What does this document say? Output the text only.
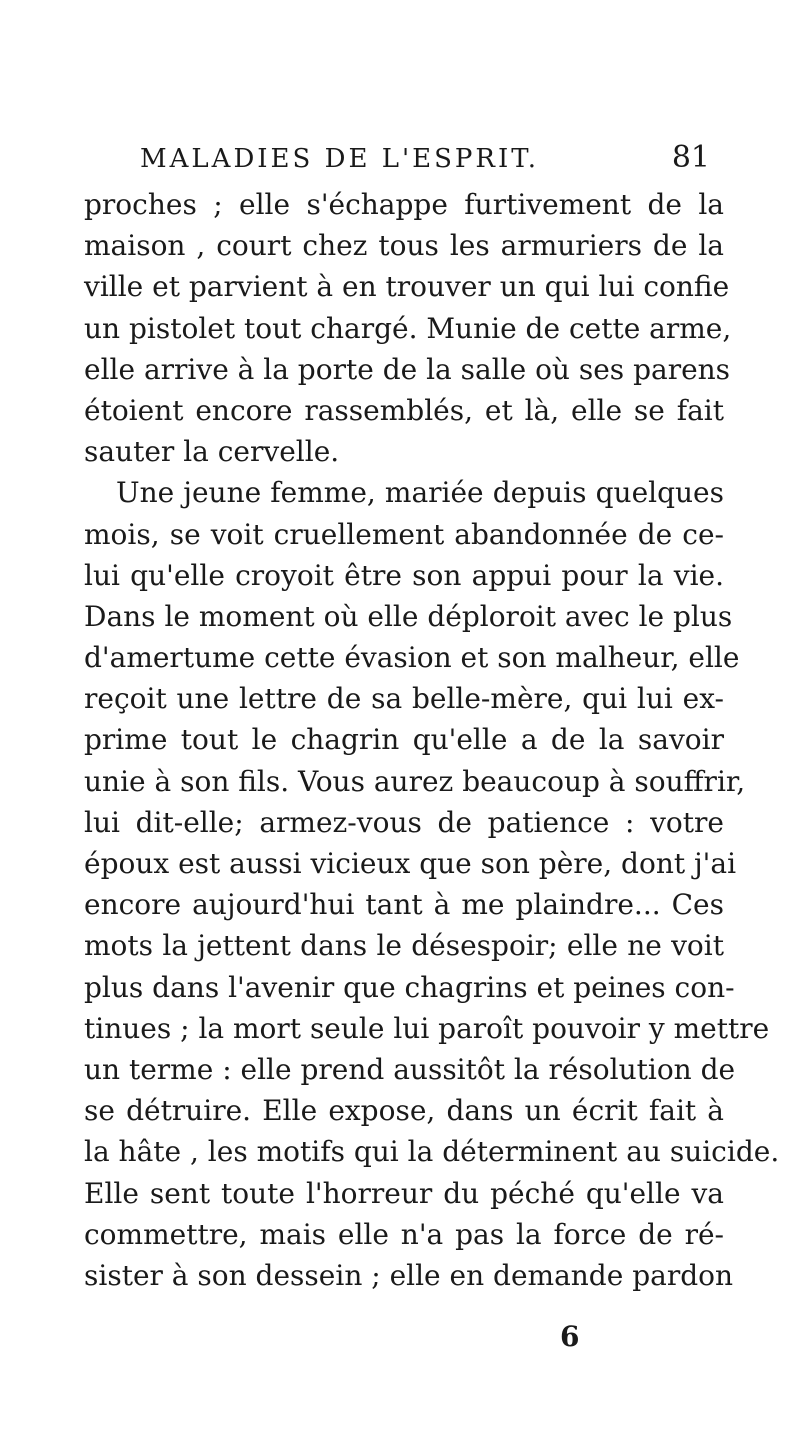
MALADIES DE L'ESPRIT.	81
proches ; elle s'échappe furtivement de la
maison , court chez tous les armuriers de la
ville et parvient à en trouver un qui lui confie
un pistolet tout chargé. Munie de cette arme,
elle arrive à la porte de la salle où ses parens
étoient encore rassemblés, et là, elle se fait
sauter la cervelle.
Une jeune femme, mariée depuis quelques
mois, se voit cruellement abandonnée de ce-
lui qu'elle croyoit être son appui pour la vie.
Dans le moment où elle déploroit avec le plus
d'amertume cette évasion et son malheur, elle
reçoit une lettre de sa belle-mère, qui lui ex-
prime tout le chagrin qu'elle a de la savoir
unie à son fils. Vous aurez beaucoup à souffrir,
lui dit-elle; armez-vous de patience : votre
époux est aussi vicieux que son père, dont j'ai
encore aujourd'hui tant à me plaindre... Ces
mots la jettent dans le désespoir; elle ne voit
plus dans l'avenir que chagrins et peines con-
tinues ; la mort seule lui paroît pouvoir y mettre
un terme : elle prend aussitôt la résolution de
se détruire. Elle expose, dans un écrit fait à
la hâte , les motifs qui la déterminent au suicide.
Elle sent toute l'horreur du péché qu'elle va
commettre, mais elle n'a pas la force de ré-
sister à son dessein ; elle en demande pardon
6
